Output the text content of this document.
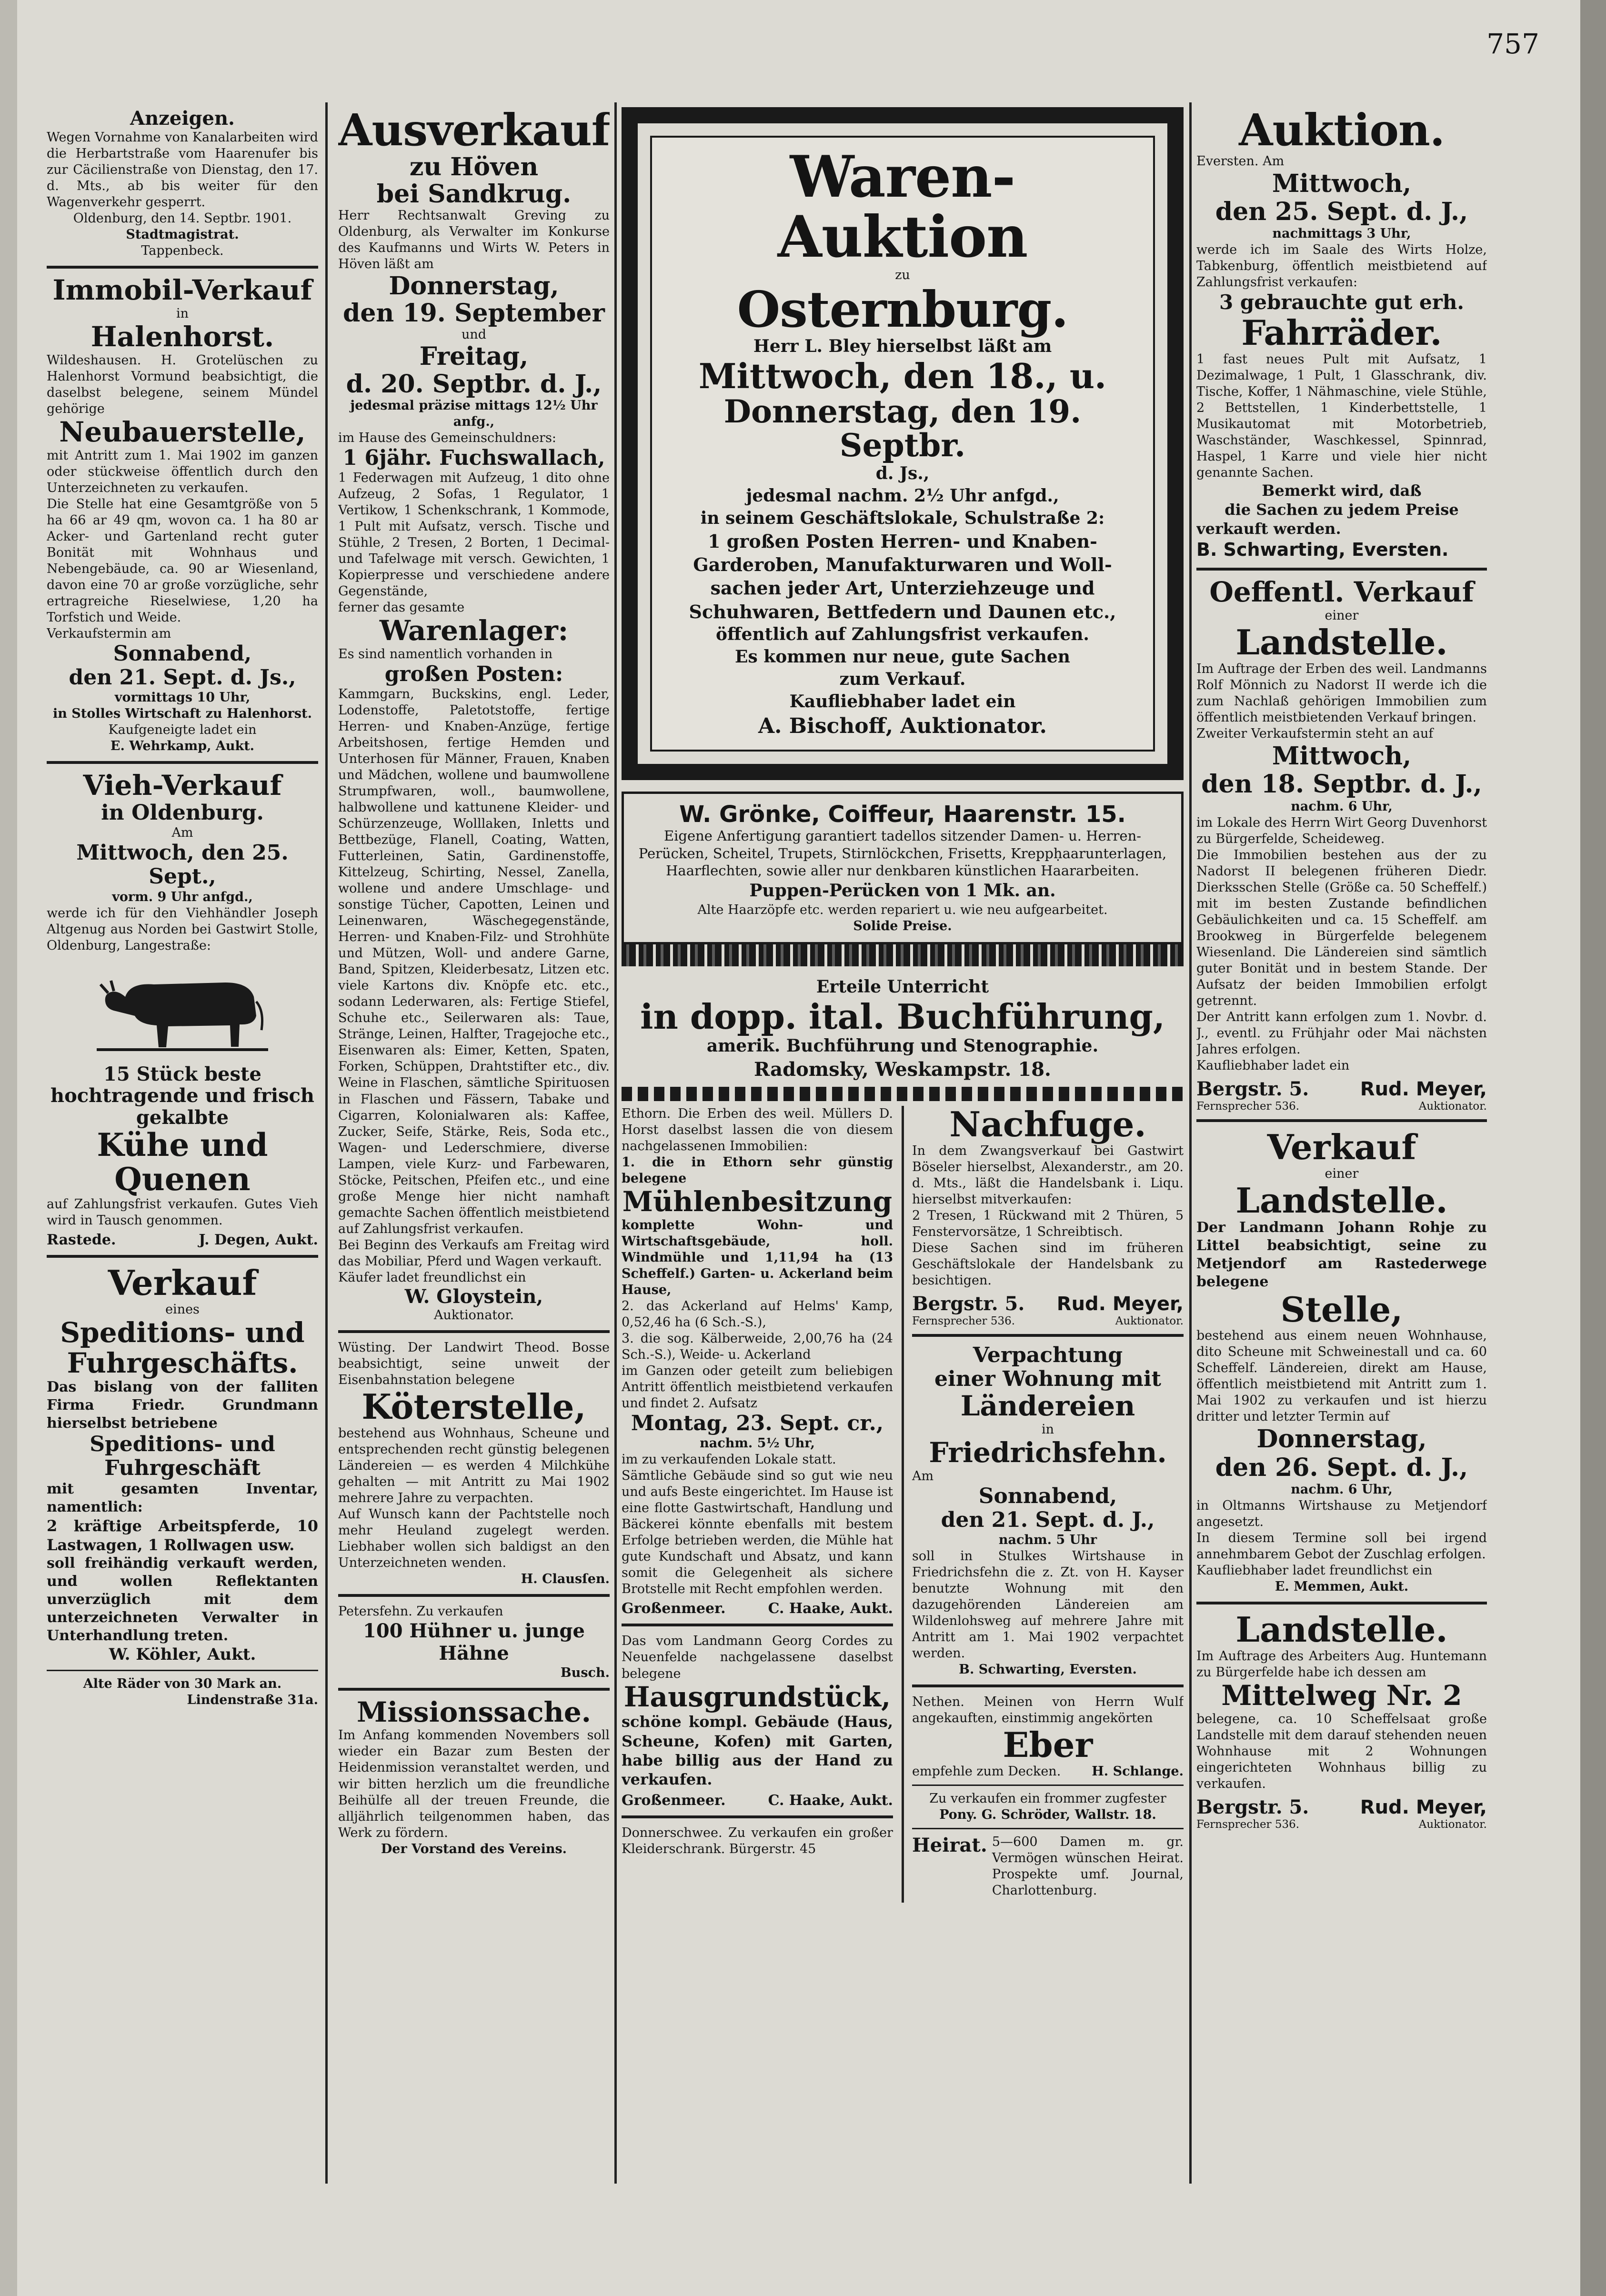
757
Anzeigen.
Wegen Vornahme von Kanalarbeiten wird die Herbartstraße vom Haarenufer bis zur Cäcilienstraße von Dienstag, den 17. d. Mts., ab bis weiter für den Wagenverkehr gesperrt.
Oldenburg, den 14. Septbr. 1901.
Stadtmagistrat.
Tappenbeck.
Immobil-Verkauf
in
Halenhorst.
Wildeshausen. H. Grotelüschen zu Halenhorst Vormund beabsichtigt, die daselbst belegene, seinem Mündel gehörige
Neubauerstelle,
mit Antritt zum 1. Mai 1902 im ganzen oder stückweise öffentlich durch den Unterzeichneten zu verkaufen.
Die Stelle hat eine Gesamtgröße von 5 ha 66 ar 49 qm, wovon ca. 1 ha 80 ar Acker- und Gartenland recht guter Bonität mit Wohnhaus und Nebengebäude, ca. 90 ar Wiesenland, davon eine 70 ar große vorzügliche, sehr ertragreiche Rieselwiese, 1,20 ha Torfstich und Weide.
Verkaufstermin am
Sonnabend,
den 21. Sept. d. Js.,
vormittags 10 Uhr,
in Stolles Wirtschaft zu Halenhorst.
Kaufgeneigte ladet ein
E. Wehrkamp, Aukt.
Vieh-Verkauf
in Oldenburg.
Am
Mittwoch, den 25. Sept.,
vorm. 9 Uhr anfgd.,
werde ich für den Viehhändler Joseph Altgenug aus Norden bei Gastwirt Stolle, Oldenburg, Langestraße:
15 Stück beste hochtragende und frisch gekalbte
Kühe und Quenen
auf Zahlungsfrist verkaufen. Gutes Vieh wird in Tausch genommen.
Rastede.	J. Degen, Aukt.
Verkauf
eines
Speditions- und Fuhrgeschäfts.
Das bislang von der falliten Firma Friedr. Grundmann hierselbst betriebene
Speditions- und Fuhrgeschäft
mit gesamten Inventar, namentlich:
2 kräftige Arbeitspferde, 10 Lastwagen, 1 Rollwagen usw.
soll freihändig verkauft werden, und wollen Reflektanten unverzüglich mit dem unterzeichneten Verwalter in Unterhandlung treten.
W. Köhler, Aukt.
Alte Räder von 30 Mark an.
Lindenstraße 31a.
Ausverkauf
zu Höven
bei Sandkrug.
Herr Rechtsanwalt Greving zu Oldenburg, als Verwalter im Konkurse des Kaufmanns und Wirts W. Peters in Höven läßt am
Donnerstag,
den 19. September
und
Freitag,
d. 20. Septbr. d. J.,
jedesmal präzise mittags 12½ Uhr anfg.,
im Hause des Gemeinschuldners:
1 6jähr. Fuchswallach,
1 Federwagen mit Aufzeug, 1 dito ohne Aufzeug, 2 Sofas, 1 Regulator, 1 Vertikow, 1 Schenkschrank, 1 Kommode, 1 Pult mit Aufsatz, versch. Tische und Stühle, 2 Tresen, 2 Borten, 1 Decimal- und Tafelwage mit versch. Gewichten, 1 Kopierpresse und verschiedene andere Gegenstände,
ferner das gesamte
Warenlager:
Es sind namentlich vorhanden in
großen Posten:
Kammgarn, Buckskins, engl. Leder, Lodenstoffe, Paletotstoffe, fertige Herren- und Knaben-Anzüge, fertige Arbeitshosen, fertige Hemden und Unterhosen für Männer, Frauen, Knaben und Mädchen, wollene und baumwollene Strumpfwaren, woll., baumwollene, halbwollene und kattunene Kleider- und Schürzenzeuge, Wolllaken, Inletts und Bettbezüge, Flanell, Coating, Watten, Futterleinen, Satin, Gardinenstoffe, Kittelzeug, Schirting, Nessel, Zanella, wollene und andere Umschlage- und sonstige Tücher, Capotten, Leinen und Leinenwaren, Wäschegegenstände, Herren- und Knaben-Filz- und Strohhüte und Mützen, Woll- und andere Garne, Band, Spitzen, Kleiderbesatz, Litzen etc. viele Kartons div. Knöpfe etc. etc., sodann Lederwaren, als: Fertige Stiefel, Schuhe etc., Seilerwaren als: Taue, Stränge, Leinen, Halfter, Tragejoche etc., Eisenwaren als: Eimer, Ketten, Spaten, Forken, Schüppen, Drahtstifter etc., div. Weine in Flaschen, sämtliche Spirituosen in Flaschen und Fässern, Tabake und Cigarren, Kolonialwaren als: Kaffee, Zucker, Seife, Stärke, Reis, Soda etc., Wagen- und Lederschmiere, diverse Lampen, viele Kurz- und Farbewaren, Stöcke, Peitschen, Pfeifen etc., und eine große Menge hier nicht namhaft gemachte Sachen öffentlich meistbietend auf Zahlungsfrist verkaufen.
Bei Beginn des Verkaufs am Freitag wird das Mobiliar, Pferd und Wagen verkauft.
Käufer ladet freundlichst ein
W. Gloystein,
Auktionator.
Wüsting. Der Landwirt Theod. Bosse beabsichtigt, seine unweit der Eisenbahnstation belegene
Köterstelle,
bestehend aus Wohnhaus, Scheune und entsprechenden recht günstig belegenen Ländereien — es werden 4 Milchkühe gehalten — mit Antritt zu Mai 1902 mehrere Jahre zu verpachten.
Auf Wunsch kann der Pachtstelle noch mehr Heuland zugelegt werden. Liebhaber wollen sich baldigst an den Unterzeichneten wenden.
H. Clausſen.
Petersfehn. Zu verkaufen
100 Hühner u. junge Hähne
Busch.
Missionssache.
Im Anfang kommenden Novembers soll wieder ein Bazar zum Besten der Heidenmission veranstaltet werden, und wir bitten herzlich um die freundliche Beihülfe all der treuen Freunde, die alljährlich teilgenommen haben, das Werk zu fördern.
Der Vorstand des Vereins.
Waren-Auktion
zu
Osternburg.
Herr L. Bley hierselbst läßt am
Mittwoch, den 18., u.
Donnerstag, den 19. Septbr.
d. Js.,
jedesmal nachm. 2½ Uhr anfgd.,
in seinem Geschäftslokale, Schulstraße 2:
1 großen Posten Herren- und Knaben-
Garderoben, Manufakturwaren und Woll-
sachen jeder Art, Unterziehzeuge und
Schuhwaren, Bettfedern und Daunen etc.,
öffentlich auf Zahlungsfrist verkaufen.
Es kommen nur neue, gute Sachen
zum Verkauf.
Kaufliebhaber ladet ein
A. Bischoff, Auktionator.
W. Grönke, Coiffeur, Haarenstr. 15.
Eigene Anfertigung garantiert tadellos sitzender Damen- u. Herren-Perücken, Scheitel, Trupets, Stirnlöckchen, Frisetts, Kreppḥaarunterlagen, Haarflechten, sowie aller nur denkbaren künstlichen Haararbeiten.
Puppen-Perücken von 1 Mk. an.
Alte Haarzöpfe etc. werden repariert u. wie neu aufgearbeitet.
Solide Preise.
Erteile Unterricht
in dopp. ital. Buchführung,
amerik. Buchführung und Stenographie.
Radomsky, Weskampstr. 18.
Ethorn. Die Erben des weil. Müllers D. Horst daselbst lassen die von diesem nachgelassenen Immobilien:
1. die in Ethorn sehr günstig belegene
Mühlenbesitzung
komplette Wohn- und Wirtschaftsgebäude, holl. Windmühle und 1,11,94 ha (13 Scheffelf.) Garten- u. Ackerland beim Hause,
2. das Ackerland auf Helms' Kamp, 0,52,46 ha (6 Sch.-S.),
3. die sog. Kälberweide, 2,00,76 ha (24 Sch.-S.), Weide- u. Ackerland
im Ganzen oder geteilt zum beliebigen Antritt öffentlich meistbietend verkaufen und findet 2. Aufsatz
Montag, 23. Sept. cr.,
nachm. 5½ Uhr,
im zu verkaufenden Lokale statt.
Sämtliche Gebäude sind so gut wie neu und aufs Beste eingerichtet. Im Hause ist eine flotte Gastwirtschaft, Handlung und Bäckerei könnte ebenfalls mit bestem Erfolge betrieben werden, die Mühle hat gute Kundschaft und Absatz, und kann somit die Gelegenheit als sichere Brotstelle mit Recht empfohlen werden.
Großenmeer.	C. Haake, Aukt.
Das vom Landmann Georg Cordes zu Neuenfelde nachgelassene daselbst belegene
Hausgrundstück,
schöne kompl. Gebäude (Haus, Scheune, Kofen) mit Garten, habe billig aus der Hand zu verkaufen.
Großenmeer.	C. Haake, Aukt.
Donnerschwee. Zu verkaufen ein großer Kleiderschrank. Bürgerstr. 45
Nachfuge.
In dem Zwangsverkauf bei Gastwirt Böseler hierselbst, Alexanderstr., am 20. d. Mts., läßt die Handelsbank i. Liqu. hierselbst mitverkaufen:
2 Tresen, 1 Rückwand mit 2 Thüren, 5 Fenstervorsätze, 1 Schreibtisch.
Diese Sachen sind im früheren Geschäftslokale der Handelsbank zu besichtigen.
Bergstr. 5. Rud. Meyer,
Fernsprecher 536.	Auktionator.
Verpachtung
einer Wohnung mit
Ländereien
in
Friedrichsfehn.
Am
Sonnabend,
den 21. Sept. d. J.,
nachm. 5 Uhr
soll in Stulkes Wirtshause in Friedrichsfehn die z. Zt. von H. Kayser benutzte Wohnung mit den dazugehörenden Ländereien am Wildenlohsweg auf mehrere Jahre mit Antritt am 1. Mai 1902 verpachtet werden.
B. Schwarting, Eversten.
Nethen. Meinen von Herrn Wulf angekauften, einstimmig angekörten
Eber
empfehle zum Decken. H. Schlange.
Zu verkaufen ein frommer zugfester
Pony. G. Schröder, Wallstr. 18.
Heirat. 5—600 Damen m. gr. Vermögen wünschen Heirat. Prospekte umf. Journal, Charlottenburg.
Auktion.
Eversten. Am
Mittwoch,
den 25. Sept. d. J.,
nachmittags 3 Uhr,
werde ich im Saale des Wirts Holze, Tabkenburg, öffentlich meistbietend auf Zahlungsfrist verkaufen:
3 gebrauchte gut erh.
Fahrräder.
1 fast neues Pult mit Aufsatz, 1 Dezimalwage, 1 Pult, 1 Glasschrank, div. Tische, Koffer, 1 Nähmaschine, viele Stühle, 2 Bettstellen, 1 Kinderbettstelle, 1 Musikautomat mit Motorbetrieb, Waschständer, Waschkessel, Spinnrad, Haspel, 1 Karre und viele hier nicht genannte Sachen.
Bemerkt wird, daß
die Sachen zu jedem Preise
verkauft werden.
B. Schwarting, Eversten.
Oeffentl. Verkauf
einer
Landstelle.
Im Auftrage der Erben des weil. Landmanns Rolf Mönnich zu Nadorst II werde ich die zum Nachlaß gehörigen Immobilien zum öffentlich meistbietenden Verkauf bringen.
Zweiter Verkaufstermin steht an auf
Mittwoch,
den 18. Septbr. d. J.,
nachm. 6 Uhr,
im Lokale des Herrn Wirt Georg Duvenhorst zu Bürgerfelde, Scheideweg.
Die Immobilien bestehen aus der zu Nadorst II belegenen früheren Diedr. Dierksschen Stelle (Größe ca. 50 Scheffelf.) mit im besten Zustande befindlichen Gebäulichkeiten und ca. 15 Scheffelf. am Brookweg in Bürgerfelde belegenem Wiesenland. Die Ländereien sind sämtlich guter Bonität und in bestem Stande. Der Aufsatz der beiden Immobilien erfolgt getrennt.
Der Antritt kann erfolgen zum 1. Novbr. d. J., eventl. zu Frühjahr oder Mai nächsten Jahres erfolgen.
Kaufliebhaber ladet ein
Bergstr. 5.	Rud. Meyer,
Fernsprecher 536.	Auktionator.
Verkauf
einer
Landstelle.
Der Landmann Johann Rohje zu Littel beabsichtigt, seine zu Metjendorf am Rastederwege belegene
Stelle,
bestehend aus einem neuen Wohnhause, dito Scheune mit Schweinestall und ca. 60 Scheffelf. Ländereien, direkt am Hause, öffentlich meistbietend mit Antritt zum 1. Mai 1902 zu verkaufen und ist hierzu dritter und letzter Termin auf
Donnerstag,
den 26. Sept. d. J.,
nachm. 6 Uhr,
in Oltmanns Wirtshause zu Metjendorf angesetzt.
In diesem Termine soll bei irgend annehmbarem Gebot der Zuschlag erfolgen.
Kaufliebhaber ladet freundlichst ein
E. Memmen, Aukt.
Landstelle.
Im Auftrage des Arbeiters Aug. Huntemann zu Bürgerfelde habe ich dessen am
Mittelweg Nr. 2
belegene, ca. 10 Scheffelsaat große Landstelle mit dem darauf stehenden neuen Wohnhause mit 2 Wohnungen eingerichteten Wohnhaus billig zu verkaufen.
Bergstr. 5.	Rud. Meyer,
Fernsprecher 536.	Auktionator.
